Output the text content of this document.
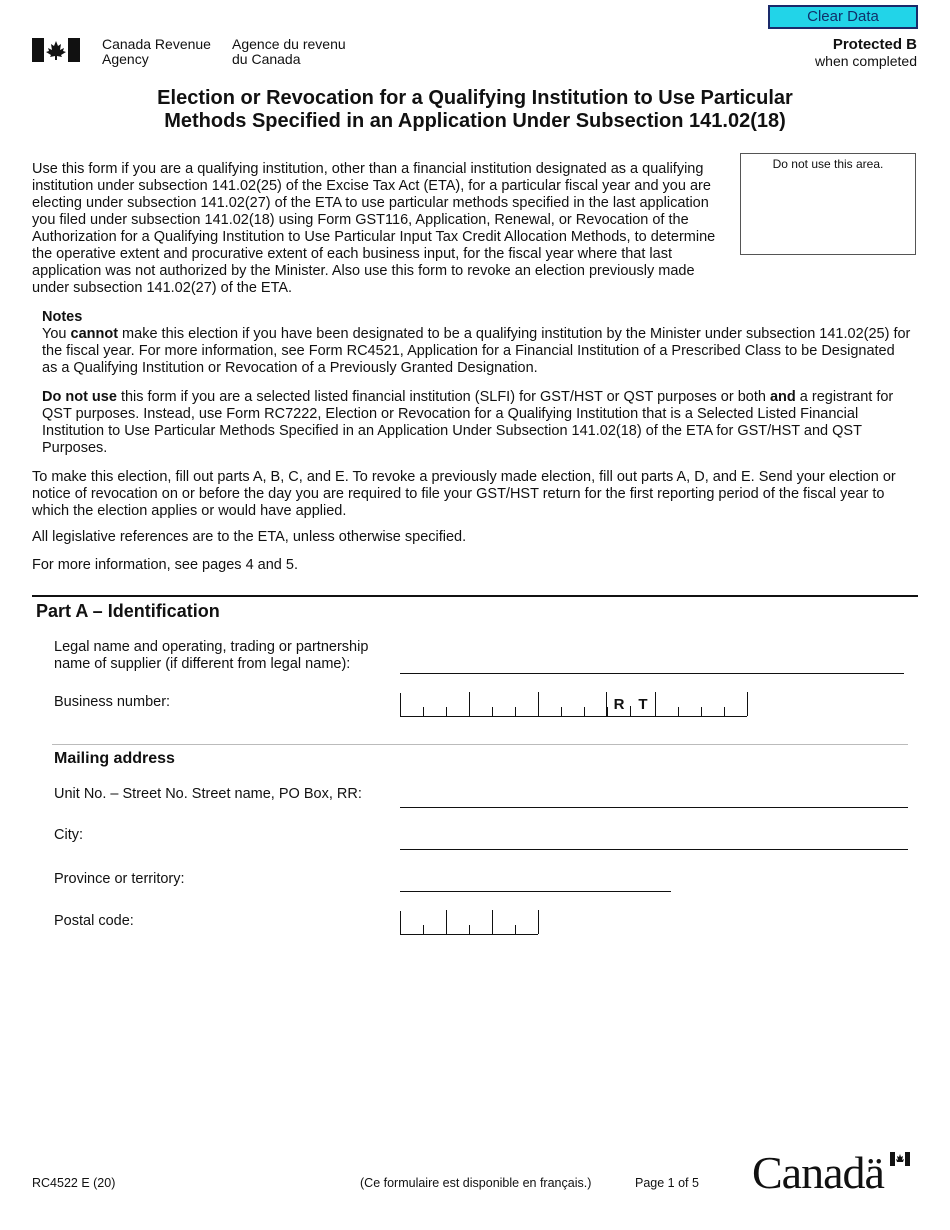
Clear Data
Canada Revenue
Agency
Agence du revenu
du Canada
Protected B
when completed
Election or Revocation for a Qualifying Institution to Use Particular
Methods Specified in an Application Under Subsection 141.02(18)
Do not use this area.
Use this form if you are a qualifying institution, other than a financial institution designated as a qualifying institution under subsection 141.02(25) of the Excise Tax Act (ETA), for a particular fiscal year and you are electing under subsection 141.02(27) of the ETA to use particular methods specified in the last application you filed under subsection 141.02(18) using Form GST116, Application, Renewal, or Revocation of the Authorization for a Qualifying Institution to Use Particular Input Tax Credit Allocation Methods, to determine the operative extent and procurative extent of each business input, for the fiscal year where that last application was not authorized by the Minister. Also use this form to revoke an election previously made under subsection 141.02(27) of the ETA.

Notes

You cannot make this election if you have been designated to be a qualifying institution by the Minister under subsection 141.02(25) for the fiscal year. For more information, see Form RC4521, Application for a Financial Institution of a Prescribed Class to be Designated as a Qualifying Institution or Revocation of a Previously Granted Designation.

Do not use this form if you are a selected listed financial institution (SLFI) for GST/HST or QST purposes or both and a registrant for QST purposes. Instead, use Form RC7222, Election or Revocation for a Qualifying Institution that is a Selected Listed Financial Institution to Use Particular Methods Specified in an Application Under Subsection 141.02(18) of the ETA for GST/HST and QST Purposes.

To make this election, fill out parts A, B, C, and E. To revoke a previously made election, fill out parts A, D, and E. Send your election or notice of revocation on or before the day you are required to file your GST/HST return for the first reporting period of the fiscal year to which the election applies or would have applied.
All legislative references are to the ETA, unless otherwise specified.
For more information, see pages 4 and 5.
Part A – Identification
Legal name and operating, trading or partnership
name of supplier (if different from legal name):
Business number:	R T
Mailing address
Unit No. – Street No. Street name, PO Box, RR:
City:
Province or territory:
Postal code:
RC4522 E (20)	(Ce formulaire est disponible en français.)	Page 1 of 5 Canadä
